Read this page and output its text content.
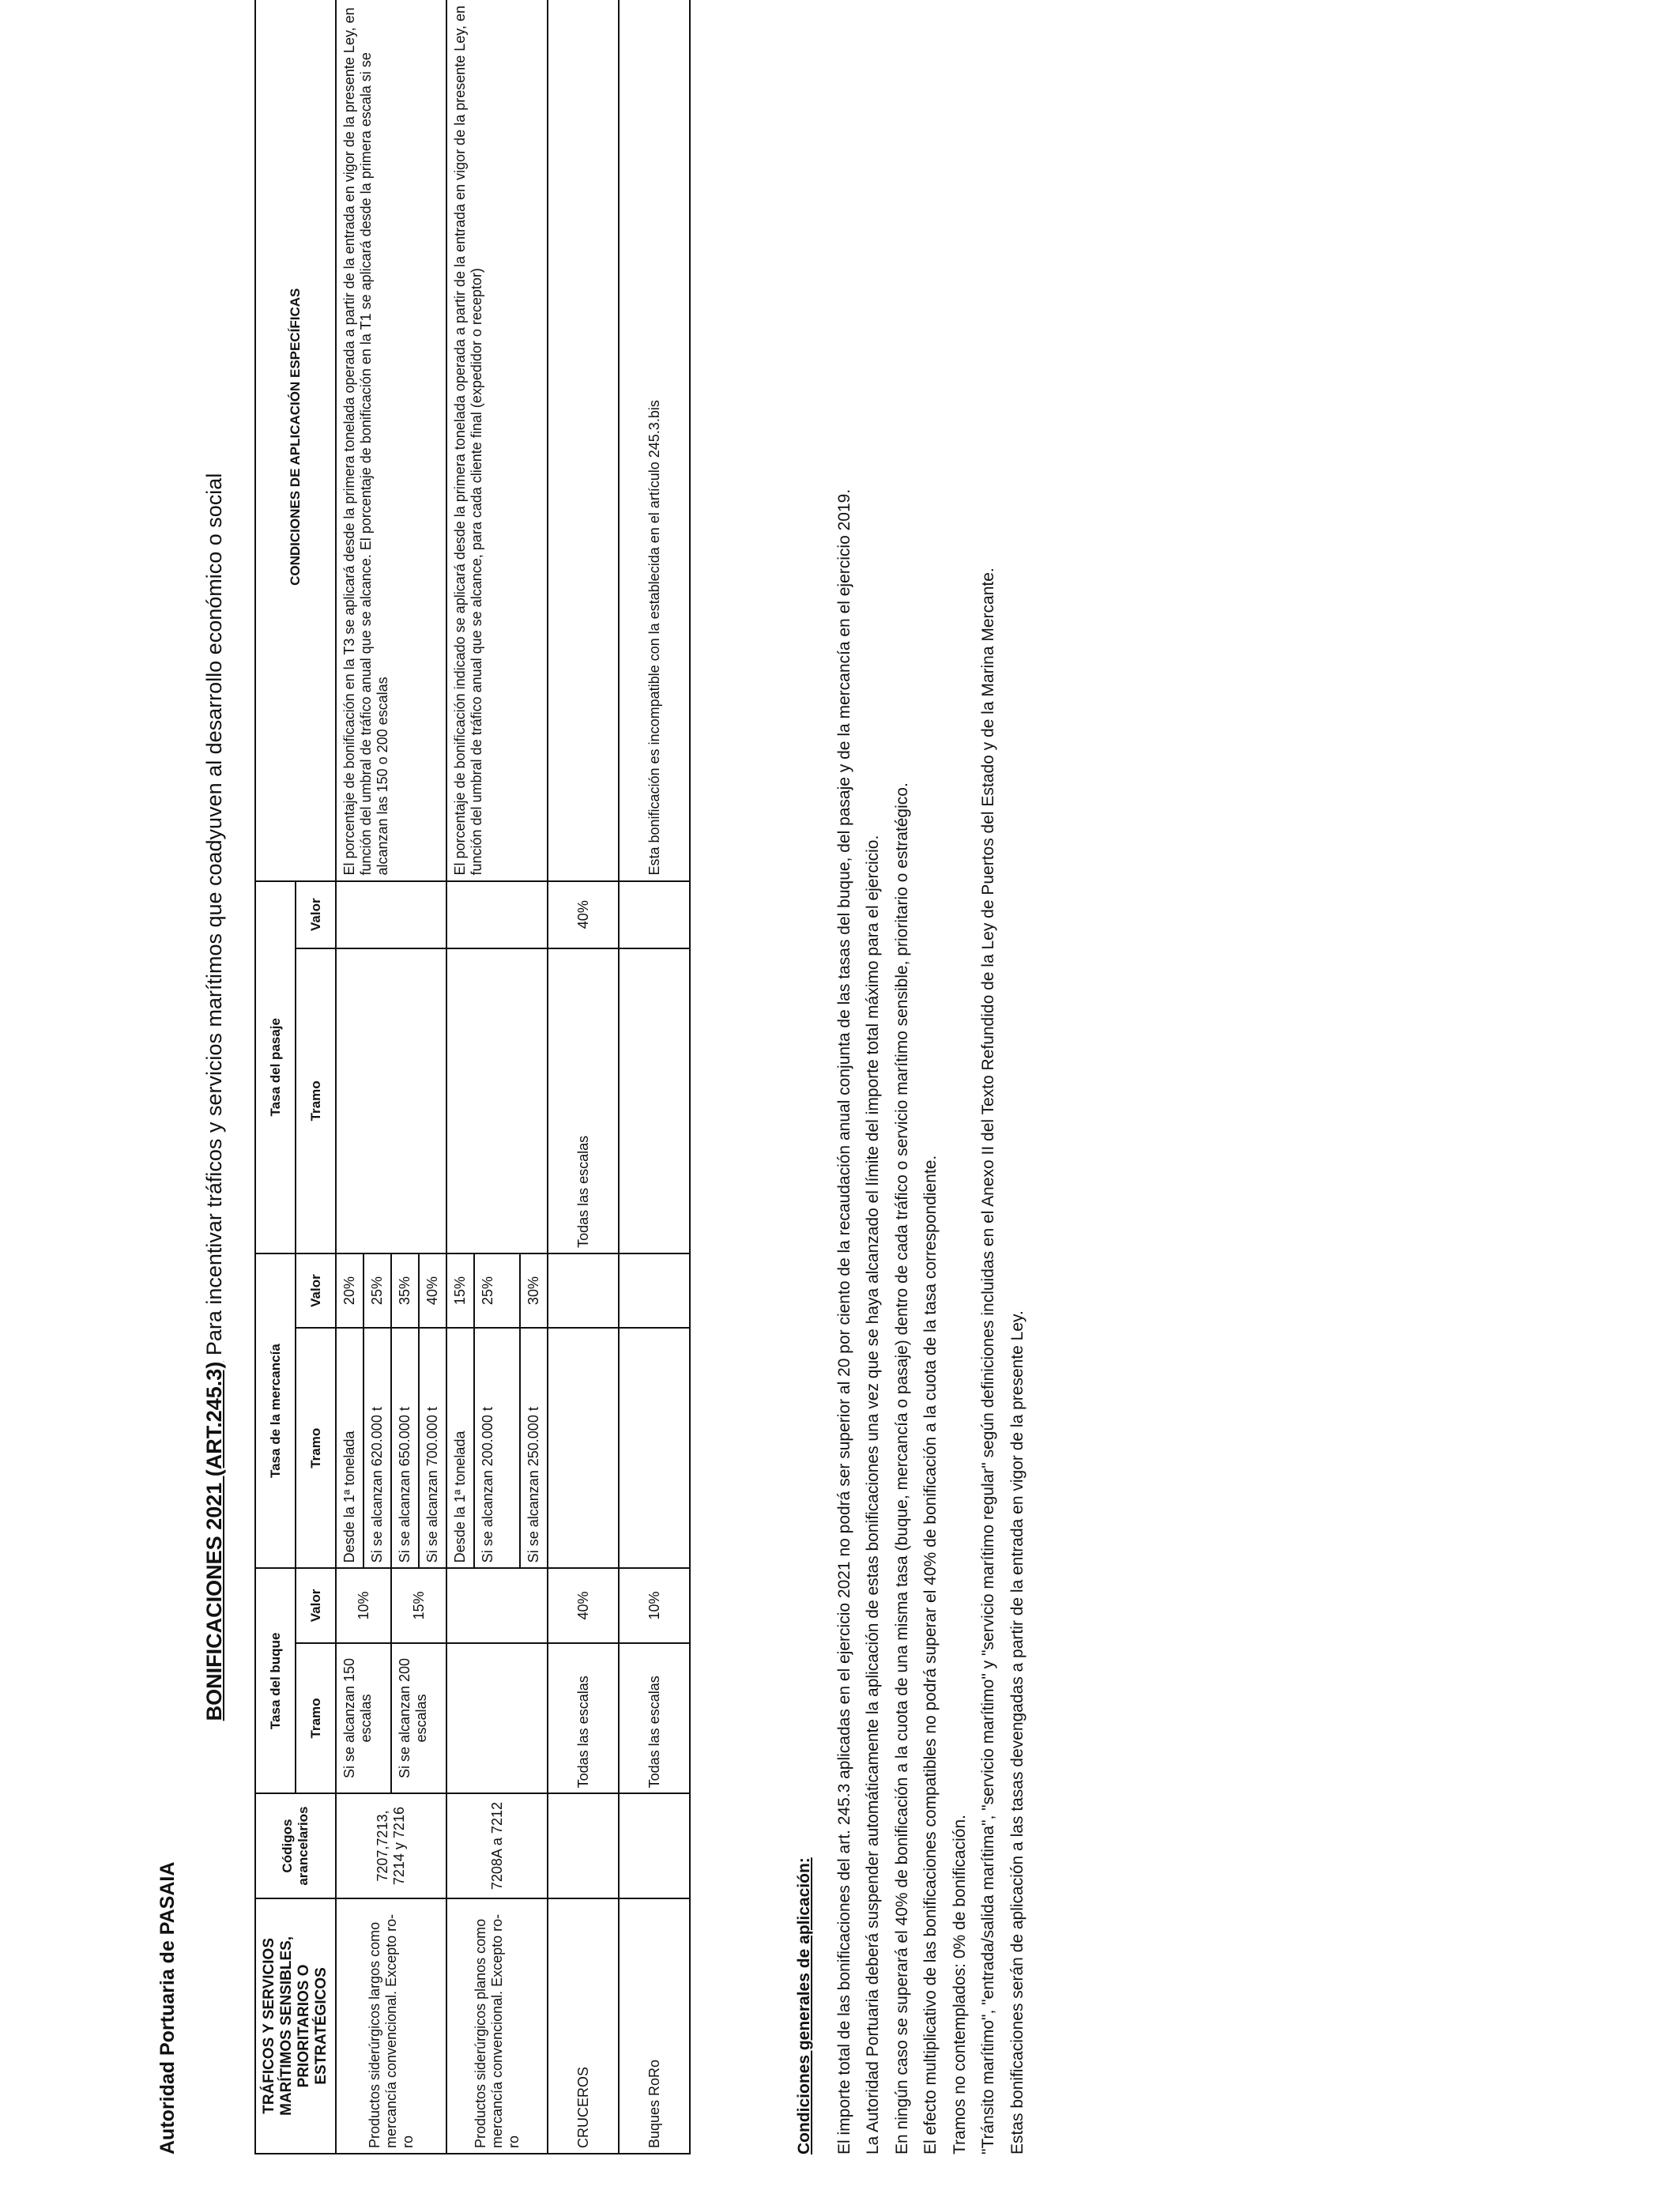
Autoridad Portuaria de PASAIA
BONIFICACIONES 2021 (ART.245.3) Para incentivar tráficos y servicios marítimos que coadyuven al desarrollo económico o social
TRÁFICOS Y SERVICIOS MARÍTIMOS SENSIBLES, PRIORITARIOS O ESTRATÉGICOS	Códigos arancelarios	Tasa del buque		Tasa de la mercancía		Tasa del pasaje		CONDICIONES DE APLICACIÓN ESPECÍFICAS
		Tramo	Valor	Tramo	Valor	Tramo	Valor	
Productos siderúrgicos largos como mercancía convencional. Excepto ro-ro	7207,7213, 7214 y 7216	Si se alcanzan 150 escalas	10%	Desde la 1ª tonelada	20%			El porcentaje de bonificación en la T3 se aplicará desde la primera tonelada operada a partir de la entrada en vigor de la presente Ley, en función del umbral de tráfico anual que se alcance. El porcentaje de bonificación en la T1 se aplicará desde la primera escala si se alcanzan las 150 o 200 escalas
				Si se alcanzan 620.000 t	25%			
		Si se alcanzan 200 escalas	15%	Si se alcanzan 650.000 t	35%			
				Si se alcanzan 700.000 t	40%			
Productos siderúrgicos planos como mercancía convencional. Excepto ro-ro	7208A a 7212			Desde la 1ª tonelada	15%			El porcentaje de bonificación indicado se aplicará desde la primera tonelada operada a partir de la entrada en vigor de la presente Ley, en función del umbral de tráfico anual que se alcance, para cada cliente final (expedidor o receptor)
				Si se alcanzan 200.000 t	25%			
				Si se alcanzan 250.000 t	30%			
CRUCEROS		Todas las escalas	40%			Todas las escalas	40%	
Buques RoRo		Todas las escalas	10%					Esta bonificación es incompatible con la establecida en el artículo 245.3.bis
Condiciones generales de aplicación:	El importe total de las bonificaciones del art. 245.3 aplicadas en el ejercicio 2021 no podrá ser superior al 20 por ciento de la recaudación anual conjunta de las tasas del buque, del pasaje y de la mercancía en el ejercicio 2019. La Autoridad Portuaria deberá suspender automáticamente la aplicación de estas bonificaciones una vez que se haya alcanzado el límite del importe total máximo para el ejercicio. En ningún caso se superará el 40% de bonificación a la cuota de una misma tasa (buque, mercancía o pasaje) dentro de cada tráfico o servicio marítimo sensible, prioritario o estratégico. El efecto multiplicativo de las bonificaciones compatibles no podrá superar el 40% de bonificación a la cuota de la tasa correspondiente. Tramos no contemplados: 0% de bonificación. "Tránsito marítimo", "entrada/salida marítima", "servicio marítimo" y "servicio marítimo regular" según definiciones incluidas en el Anexo II del Texto Refundido de la Ley de Puertos del Estado y de la Marina Mercante. Estas bonificaciones serán de aplicación a las tasas devengadas a partir de la entrada en vigor de la presente Ley.
